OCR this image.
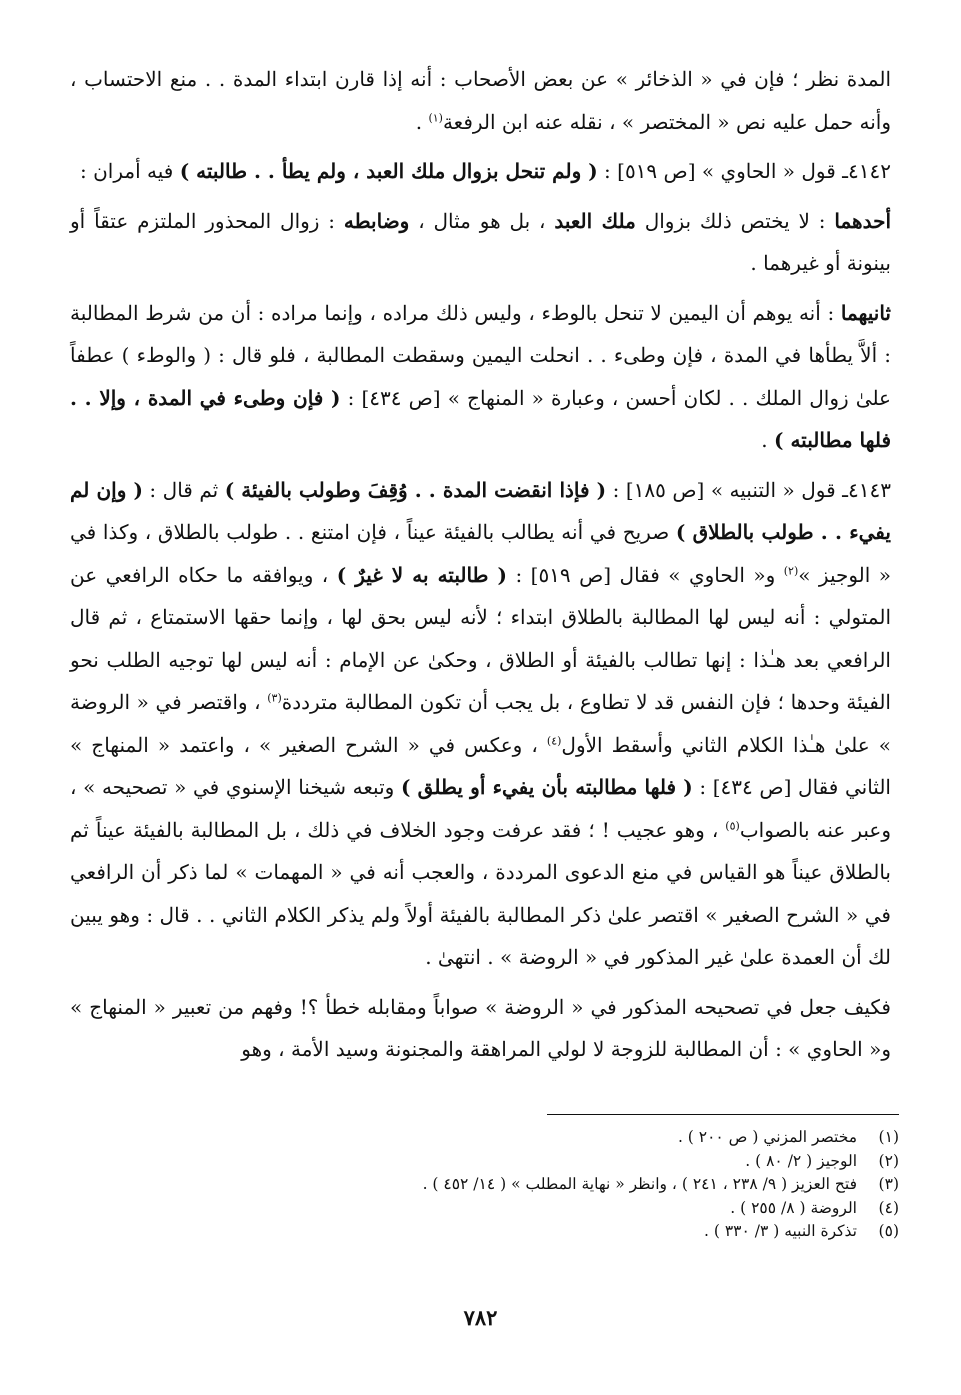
المدة نظر ؛ فإن في « الذخائر » عن بعض الأصحاب : أنه إذا قارن ابتداء المدة . . منع الاحتساب ، وأنه حمل عليه نص « المختصر » ، نقله عنه ابن الرفعة$^{(١)}$ .

٤١٤٢ـ قول « الحاوي » [ص ٥١٩] : ( ولم تنحل بزوال ملك العبد ، ولم يطأ . . طالبته ) فيه أمران :

أحدهما : لا يختص ذلك بزوال ملك العبد ، بل هو مثال ، وضابطه : زوال المحذور الملتزم عتقاً أو بينونة أو غيرهما .

ثانيهما : أنه يوهم أن اليمين لا تنحل بالوطء ، وليس ذلك مراده ، وإنما مراده : أن من شرط المطالبة : ألاَّ يطأها في المدة ، فإن وطىء . . انحلت اليمين وسقطت المطالبة ، فلو قال : ( والوطء ) عطفاً علىٰ زوال الملك . . لكان أحسن ، وعبارة « المنهاج » [ص ٤٣٤] : ( فإن وطىء في المدة ، وإلا . . فلها مطالبته ) .

٤١٤٣ـ قول « التنبيه » [ص ١٨٥] : ( فإذا انقضت المدة . . وُقِفَ وطولب بالفيئة ) ثم قال : ( وإن لم يفيء . . طولب بالطلاق ) صريح في أنه يطالب بالفيئة عيناً ، فإن امتنع . . طولب بالطلاق ، وكذا في « الوجيز »$^{(٢)}$ و« الحاوي » فقال [ص ٥١٩] : ( طالبته به لا غيرٌ ) ، ويوافقه ما حكاه الرافعي عن المتولي : أنه ليس لها المطالبة بالطلاق ابتداء ؛ لأنه ليس بحق لها ، وإنما حقها الاستمتاع ، ثم قال الرافعي بعد هـٰذا : إنها تطالب بالفيئة أو الطلاق ، وحكىٰ عن الإمام : أنه ليس لها توجيه الطلب نحو الفيئة وحدها ؛ فإن النفس قد لا تطاوع ، بل يجب أن تكون المطالبة مترددة$^{(٣)}$ ، واقتصر في « الروضة » علىٰ هـٰذا الكلام الثاني وأسقط الأول$^{(٤)}$ ، وعكس في « الشرح الصغير » ، واعتمد « المنهاج » الثاني فقال [ص ٤٣٤] : ( فلها مطالبته بأن يفيء أو يطلق ) وتبعه شيخنا الإسنوي في « تصحيحه » ، وعبر عنه بالصواب$^{(٥)}$ ، وهو عجيب ! ؛ فقد عرفت وجود الخلاف في ذلك ، بل المطالبة بالفيئة عيناً ثم بالطلاق عيناً هو القياس في منع الدعوى المرددة ، والعجب أنه في « المهمات » لما ذكر أن الرافعي في « الشرح الصغير » اقتصر علىٰ ذكر المطالبة بالفيئة أولاً ولم يذكر الكلام الثاني . . قال : وهو يبين لك أن العمدة علىٰ غير المذكور في « الروضة » . انتهىٰ .

فكيف جعل في تصحيحه المذكور في « الروضة » صواباً ومقابله خطأ ؟! وفهم من تعبير « المنهاج » و« الحاوي » : أن المطالبة للزوجة لا لولي المراهقة والمجنونة وسيد الأمة ، وهو

(١)
مختصر المزني ( ص ٢٠٠ ) .
(٢)
الوجيز ( ٢/ ٨٠ ) .
(٣)
فتح العزيز ( ٩/ ٢٣٨ ، ٢٤١ ) ، وانظر « نهاية المطلب » ( ١٤/ ٤٥٢ ) .
(٤)
الروضة ( ٨/ ٢٥٥ ) .
(٥)
تذكرة النبيه ( ٣/ ٣٣٠ ) .
٧٨٢
